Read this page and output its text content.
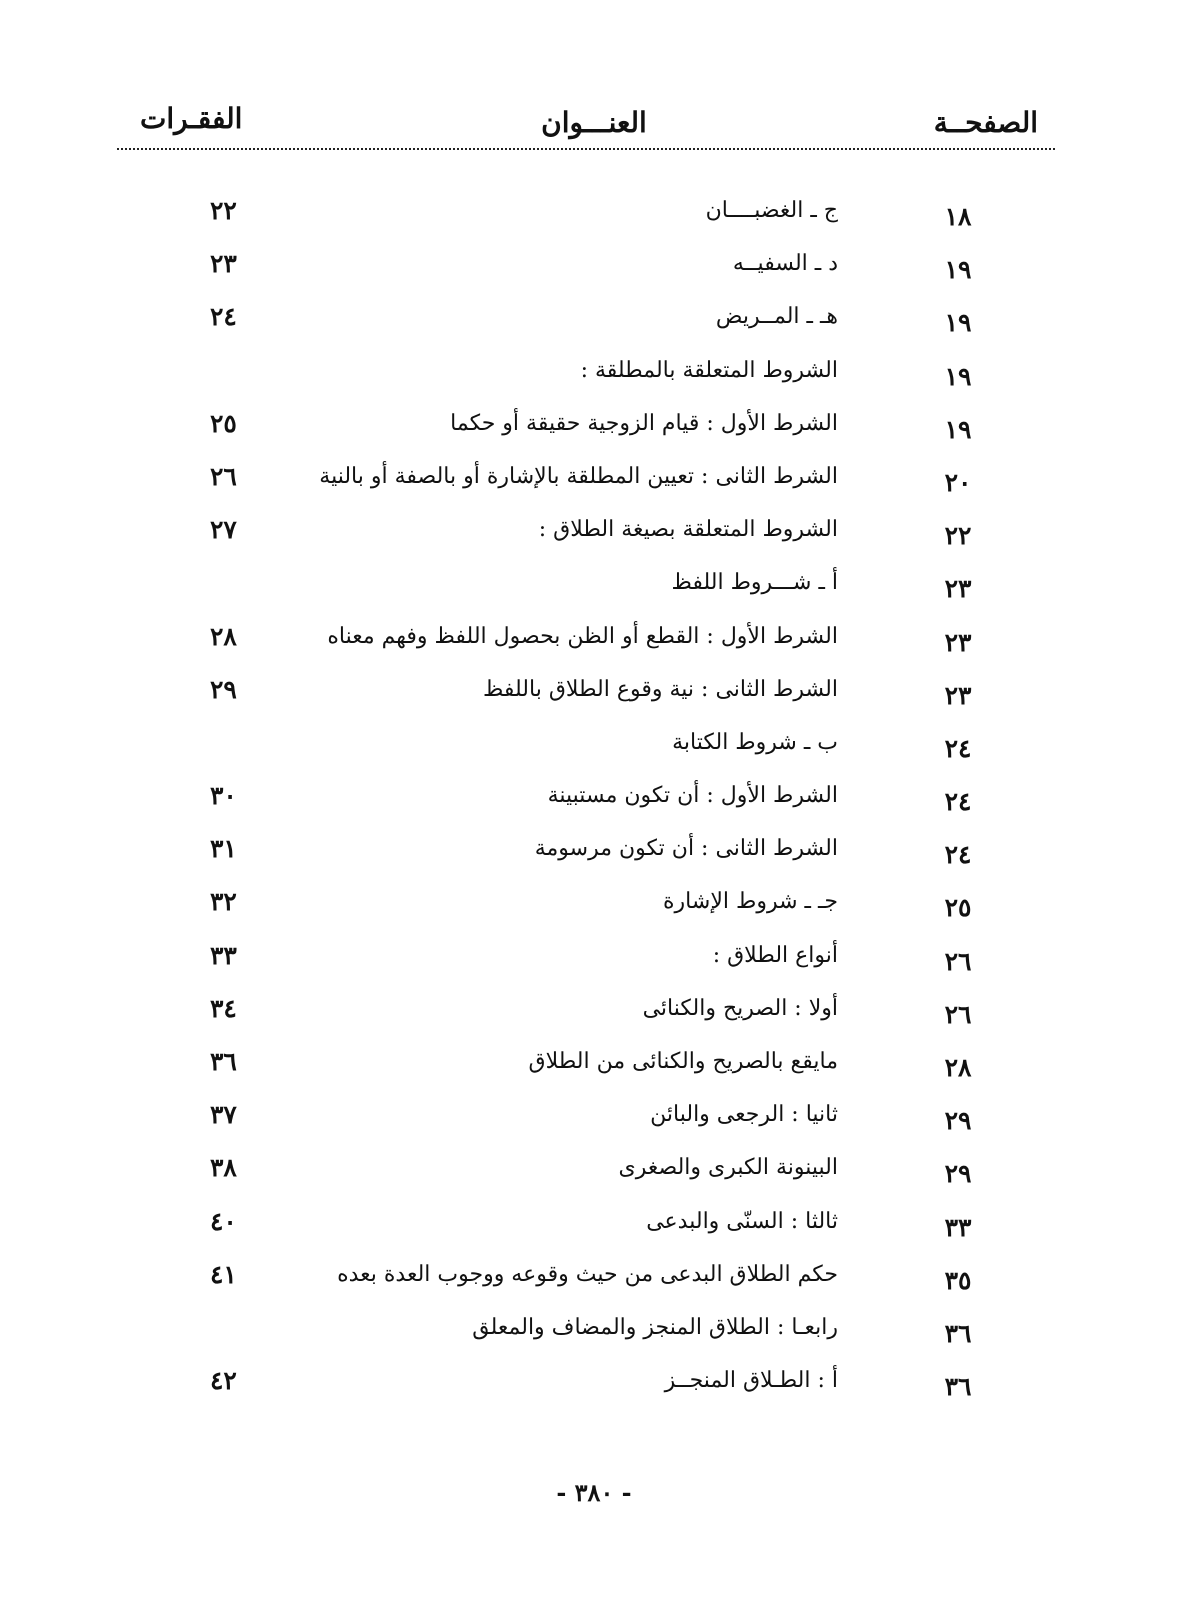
الصفحــة
العنـــوان
الفقـرات
١٨
ج ـ الغضبــــان
٢٢
١٩
د ـ السفيــه
٢٣
١٩
هـ ـ المــريض
٢٤
١٩
الشروط المتعلقة بالمطلقة :
١٩
الشرط الأول : قيام الزوجية حقيقة أو حكما
٢٥
٢٠
الشرط الثانى : تعيين المطلقة بالإشارة أو بالصفة أو بالنية
٢٦
٢٢
الشروط المتعلقة بصيغة الطلاق :
٢٧
٢٣
أ ـ شـــروط اللفظ
٢٣
الشرط الأول : القطع أو الظن بحصول اللفظ وفهم معناه
٢٨
٢٣
الشرط الثانى : نية وقوع الطلاق باللفظ
٢٩
٢٤
ب ـ شروط الكتابة
٢٤
الشرط الأول : أن تكون مستبينة
٣٠
٢٤
الشرط الثانى : أن تكون مرسومة
٣١
٢٥
جـ ـ شروط الإشارة
٣٢
٢٦
أنواع الطلاق :
٣٣
٢٦
أولا : الصريح والكنائى
٣٤
٢٨
مايقع بالصريح والكنائى من الطلاق
٣٦
٢٩
ثانيا : الرجعى والبائن
٣٧
٢٩
البينونة الكبرى والصغرى
٣٨
٣٣
ثالثا : السنّى والبدعى
٤٠
٣٥
حكم الطلاق البدعى من حيث وقوعه ووجوب العدة بعده
٤١
٣٦
رابعـا : الطلاق المنجز والمضاف والمعلق
٣٦
أ : الطـلاق المنجــز
٤٢
- ٣٨٠ -
